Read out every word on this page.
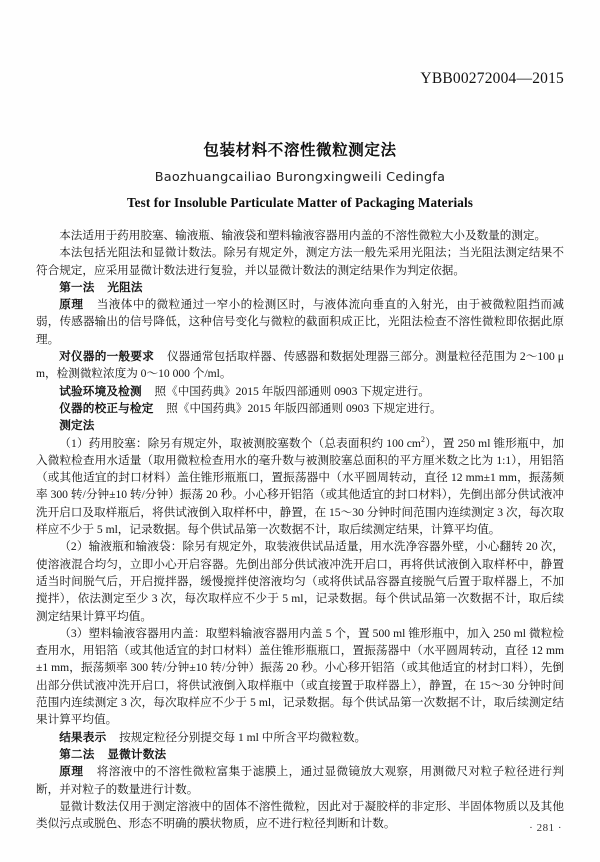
YBB00272004—2015
包装材料不溶性微粒测定法
Baozhuangcailiao Burongxingweili Cedingfa
Test for Insoluble Particulate Matter of Packaging Materials

本法适用于药用胶塞、输液瓶、输液袋和塑料输液容器用内盖的不溶性微粒大小及数量的测定。

本法包括光阻法和显微计数法。除另有规定外，测定方法一般先采用光阻法；当光阻法测定结果不符合规定，应采用显微计数法进行复验，并以显微计数法的测定结果作为判定依据。

第一法 光阻法

原理 当液体中的微粒通过一窄小的检测区时，与液体流向垂直的入射光，由于被微粒阻挡而减弱，传感器输出的信号降低，这种信号变化与微粒的截面积成正比，光阻法检查不溶性微粒即依据此原理。

对仪器的一般要求 仪器通常包括取样器、传感器和数据处理器三部分。测量粒径范围为 2～100 μm，检测微粒浓度为 0～10 000 个/ml。

试验环境及检测 照《中国药典》2015 年版四部通则 0903 下规定进行。

仪器的校正与检定 照《中国药典》2015 年版四部通则 0903 下规定进行。

测定法

（1）药用胶塞：除另有规定外，取被测胶塞数个（总表面积约 100 $cm^2$），置 250 ml 锥形瓶中，加入微粒检查用水适量（取用微粒检查用水的毫升数与被测胶塞总面积的平方厘米数之比为 1:1），用铝箔（或其他适宜的封口材料）盖住锥形瓶瓶口，置振荡器中（水平圆周转动，直径 12 mm±1 mm，振荡频率 300 转/分钟±10 转/分钟）振荡 20 秒。小心移开铝箔（或其他适宜的封口材料），先倒出部分供试液冲洗开启口及取样瓶后，将供试液倒入取样杯中，静置，在 15～30 分钟时间范围内连续测定 3 次，每次取样应不少于 5 ml，记录数据。每个供试品第一次数据不计，取后续测定结果，计算平均值。

（2）输液瓶和输液袋：除另有规定外，取装液供试品适量，用水洗净容器外壁，小心翻转 20 次，使溶液混合均匀，立即小心开启容器。先倒出部分供试液冲洗开启口，再将供试液倒入取样杯中，静置适当时间脱气后，开启搅拌器，缓慢搅拌使溶液均匀（或将供试品容器直接脱气后置于取样器上，不加搅拌），依法测定至少 3 次，每次取样应不少于 5 ml，记录数据。每个供试品第一次数据不计，取后续测定结果计算平均值。

（3）塑料输液容器用内盖：取塑料输液容器用内盖 5 个，置 500 ml 锥形瓶中，加入 250 ml 微粒检查用水，用铝箔（或其他适宜的封口材料）盖住锥形瓶瓶口，置振荡器中（水平圆周转动，直径 12 mm±1 mm，振荡频率 300 转/分钟±10 转/分钟）振荡 20 秒。小心移开铝箔（或其他适宜的材封口料），先倒出部分供试液冲洗开启口，将供试液倒入取样瓶中（或直接置于取样器上），静置，在 15～30 分钟时间范围内连续测定 3 次，每次取样应不少于 5 ml，记录数据。每个供试品第一次数据不计，取后续测定结果计算平均值。

结果表示 按规定粒径分别提交每 1 ml 中所含平均微粒数。

第二法 显微计数法

原理 将溶液中的不溶性微粒富集于滤膜上，通过显微镜放大观察，用测微尺对粒子粒径进行判断，并对粒子的数量进行计数。

显微计数法仅用于测定溶液中的固体不溶性微粒，因此对于凝胶样的非定形、半固体物质以及其他类似污点或脱色、形态不明确的膜状物质，应不进行粒径判断和计数。	· 281 ·
